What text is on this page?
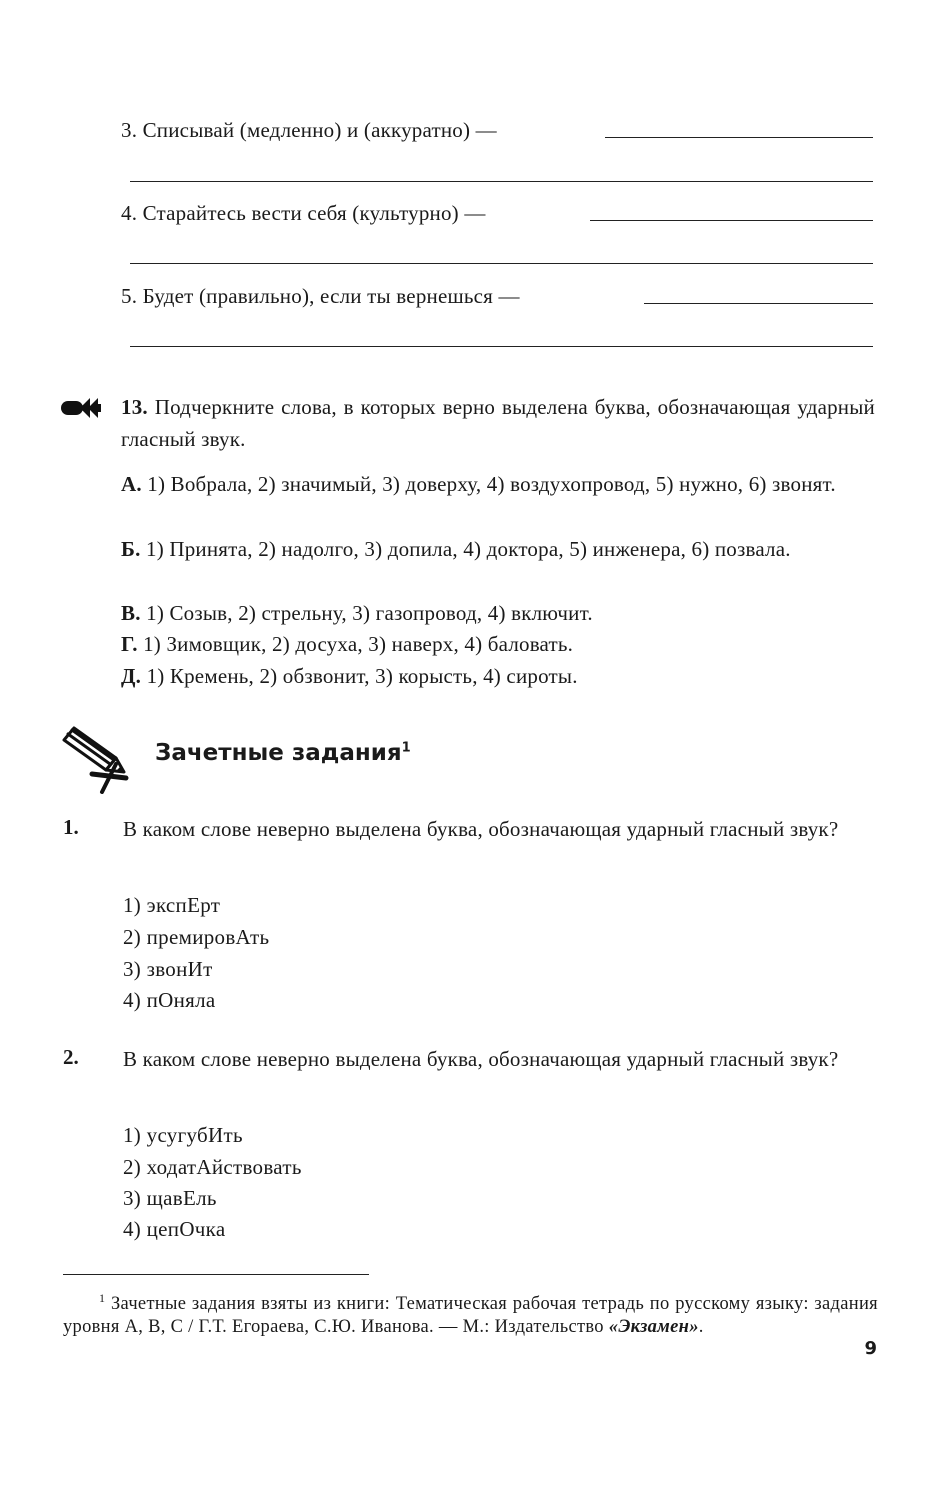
3. Списывай (медленно) и (аккуратно) —
4. Старайтесь вести себя (культурно) —
5. Будет (правильно), если ты вернешься —
13. Подчеркните слова, в которых верно выделена буква, обозначающая ударный гласный звук.
А. 1) Вобрала, 2) значимый, 3) доверху, 4) воздухопровод, 5) нужно, 6) звонят.
Б. 1) Принята, 2) надолго, 3) допила, 4) доктора, 5) инженера, 6) позвала.
В. 1) Созыв, 2) стрельну, 3) газопровод, 4) включит.
Г. 1) Зимовщик, 2) досуха, 3) наверх, 4) баловать.
Д. 1) Кремень, 2) обзвонит, 3) корысть, 4) сироты.
Зачетные задания$^1$
1. В каком слове неверно выделена буква, обозначающая ударный гласный звук?
1) экспЕрт
2) премировАть
3) звонИт
4) пОняла
2. В каком слове неверно выделена буква, обозначающая ударный гласный звук?
1) усугубИть
2) ходатАйствовать
3) щавЕль
4) цепОчка
$^1$ Зачетные задания взяты из книги: Тематическая рабочая тетрадь по русскому языку: задания уровня А, В, С / Г.Т. Егораева, С.Ю. Иванова. — М.: Издательство «Экзамен».
9
